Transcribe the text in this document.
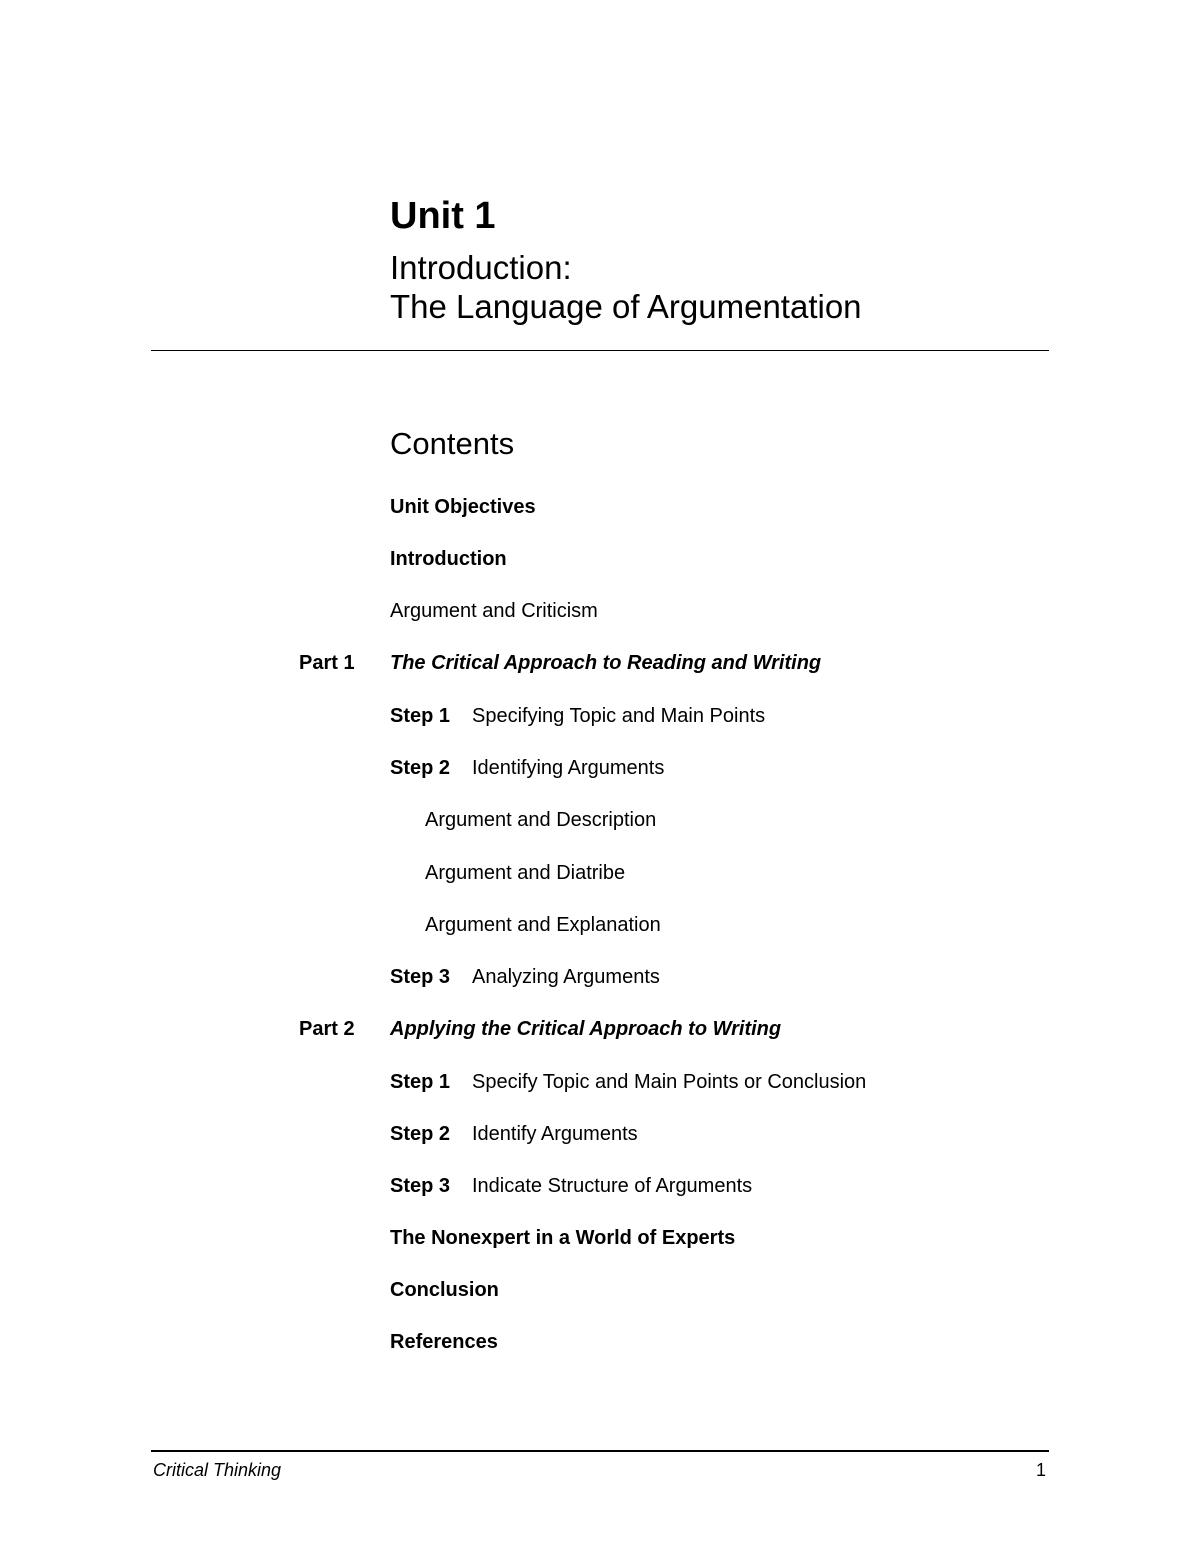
Unit 1
Introduction:
The Language of Argumentation
Contents
Unit Objectives
Introduction
Argument and Criticism
Part 1 The Critical Approach to Reading and Writing
Step 1 Specifying Topic and Main Points
Step 2 Identifying Arguments
Argument and Description
Argument and Diatribe
Argument and Explanation
Step 3 Analyzing Arguments
Part 2 Applying the Critical Approach to Writing
Step 1 Specify Topic and Main Points or Conclusion
Step 2 Identify Arguments
Step 3 Indicate Structure of Arguments
The Nonexpert in a World of Experts
Conclusion
References
Critical Thinking	1
